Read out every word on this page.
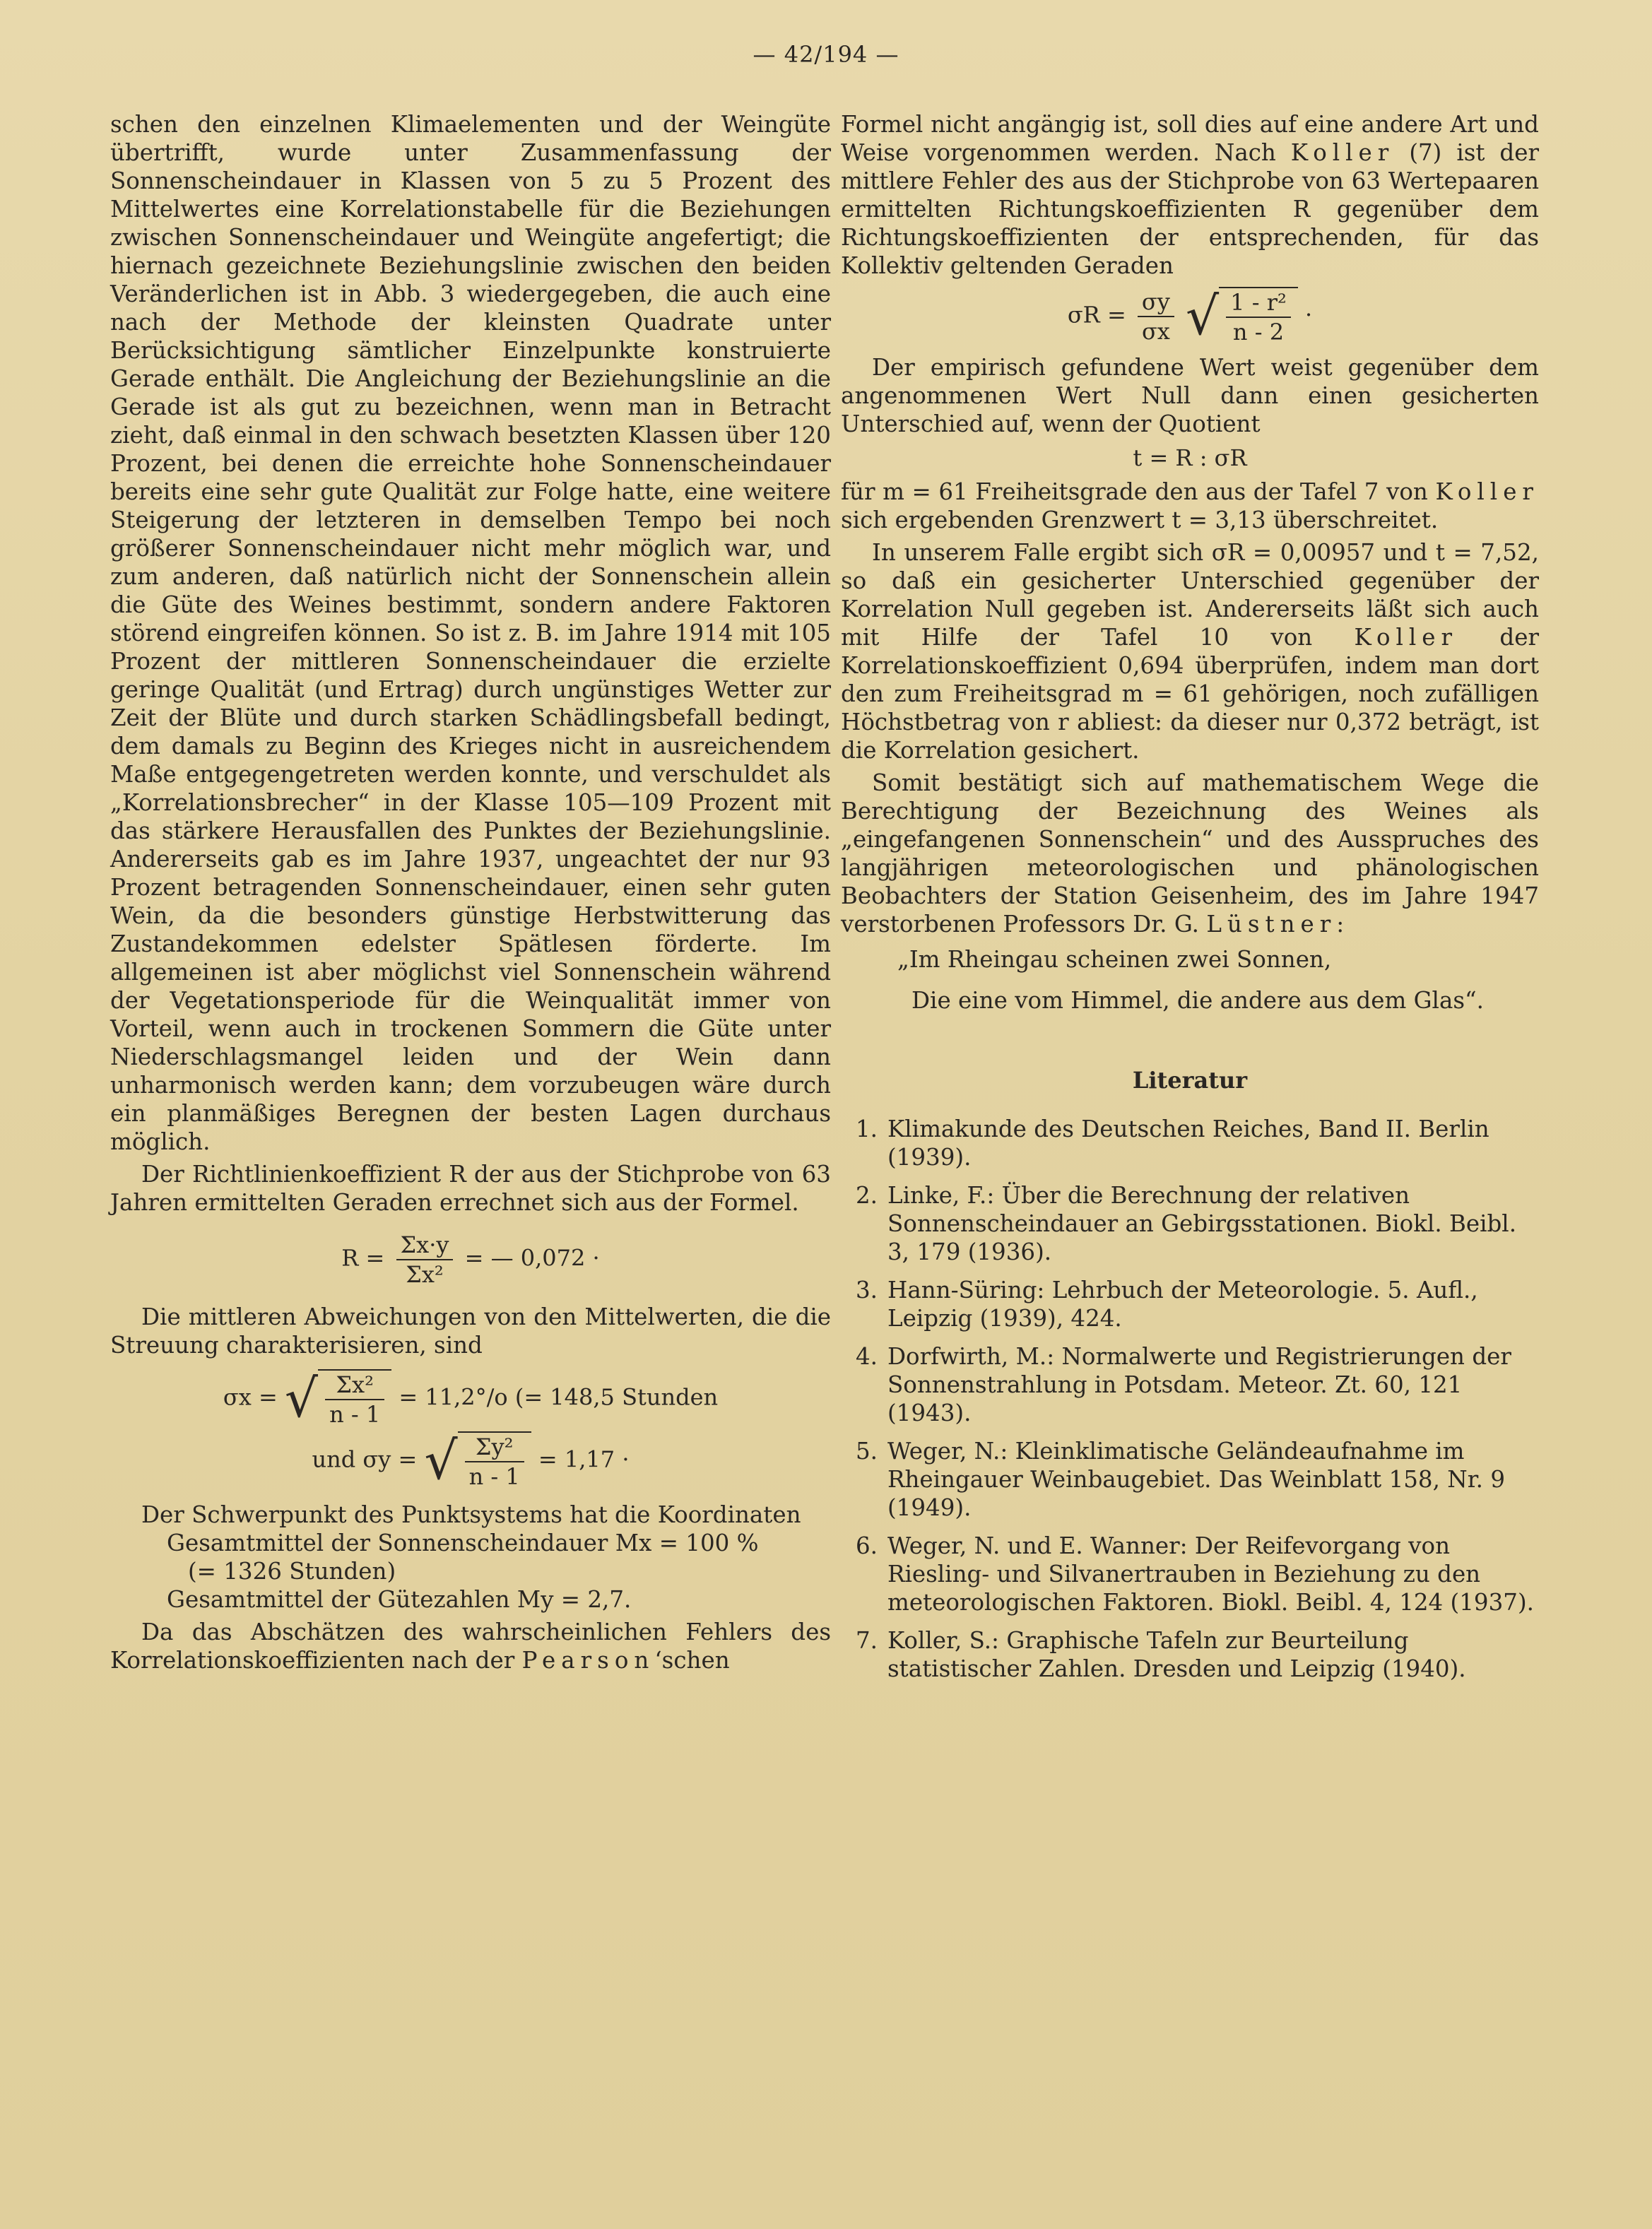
— 42/194 —

schen den einzelnen Klimaelementen und der Weingüte übertrifft, wurde unter Zusammenfassung der Sonnenscheindauer in Klassen von 5 zu 5 Prozent des Mittelwertes eine Korrelationstabelle für die Beziehungen zwischen Sonnenscheindauer und Weingüte angefertigt; die hiernach gezeichnete Beziehungslinie zwischen den beiden Veränderlichen ist in Abb. 3 wiedergegeben, die auch eine nach der Methode der kleinsten Quadrate unter Berücksichtigung sämtlicher Einzelpunkte konstruierte Gerade enthält. Die Angleichung der Beziehungslinie an die Gerade ist als gut zu bezeichnen, wenn man in Betracht zieht, daß einmal in den schwach besetzten Klassen über 120 Prozent, bei denen die erreichte hohe Sonnenscheindauer bereits eine sehr gute Qualität zur Folge hatte, eine weitere Steigerung der letzteren in demselben Tempo bei noch größerer Sonnenscheindauer nicht mehr möglich war, und zum anderen, daß natürlich nicht der Sonnenschein allein die Güte des Weines bestimmt, sondern andere Faktoren störend eingreifen können. So ist z. B. im Jahre 1914 mit 105 Prozent der mittleren Sonnenscheindauer die erzielte geringe Qualität (und Ertrag) durch ungünstiges Wetter zur Zeit der Blüte und durch starken Schädlingsbefall bedingt, dem damals zu Beginn des Krieges nicht in ausreichendem Maße entgegengetreten werden konnte, und verschuldet als „Korrelationsbrecher“ in der Klasse 105—109 Prozent mit das stärkere Herausfallen des Punktes der Beziehungslinie. Andererseits gab es im Jahre 1937, ungeachtet der nur 93 Prozent betragenden Sonnenscheindauer, einen sehr guten Wein, da die besonders günstige Herbstwitterung das Zustandekommen edelster Spätlesen förderte. Im allgemeinen ist aber möglichst viel Sonnenschein während der Vegetationsperiode für die Weinqualität immer von Vorteil, wenn auch in trockenen Sommern die Güte unter Niederschlagsmangel leiden und der Wein dann unharmonisch werden kann; dem vorzubeugen wäre durch ein planmäßiges Beregnen der besten Lagen durchaus möglich.

Der Richtlinienkoeffizient R der aus der Stichprobe von 63 Jahren ermittelten Geraden errechnet sich aus der Formel.

$R = \frac{\Sigma x\cdot y}{\text{Σx²}}$ = — 0,072 ·

Die mittleren Abweichungen von den Mittelwerten, die die Streuung charakterisieren, sind

σx = √ $\frac{\text{Σx²}}{n - 1} = 11,2^\circ/o$ (= 148,5 Stunden
und σy = √ $\frac{\text{Σy²}}{n - 1} = 1,17$ ·

Der Schwerpunkt des Punktsystems hat die Koordinaten

Gesamtmittel der Sonnenscheindauer Mx = 100 %

(= 1326 Stunden)

Gesamtmittel der Gütezahlen My = 2,7.

Da das Abschätzen des wahrscheinlichen Fehlers des Korrelationskoeffizienten nach der Pearson‘schen

Formel nicht angängig ist, soll dies auf eine andere Art und Weise vorgenommen werden. Nach Koller (7) ist der mittlere Fehler des aus der Stichprobe von 63 Wertepaaren ermittelten Richtungskoeffizienten R gegenüber dem Richtungskoeffizienten der entsprechenden, für das Kollektiv geltenden Geraden

$\sigma R = \frac{\sigma y}{\sigma x}$ √ $\frac{\text{1 - r²}}{n - 2}$ ·

Der empirisch gefundene Wert weist gegenüber dem angenommenen Wert Null dann einen gesicherten Unterschied auf, wenn der Quotient

t = R : σR

für m = 61 Freiheitsgrade den aus der Tafel 7 von Koller sich ergebenden Grenzwert t = 3,13 überschreitet.

In unserem Falle ergibt sich σR = 0,00957 und t = 7,52, so daß ein gesicherter Unterschied gegenüber der Korrelation Null gegeben ist. Andererseits läßt sich auch mit Hilfe der Tafel 10 von Koller der Korrelationskoeffizient 0,694 überprüfen, indem man dort den zum Freiheitsgrad m = 61 gehörigen, noch zufälligen Höchstbetrag von r abliest: da dieser nur 0,372 beträgt, ist die Korrelation gesichert.

Somit bestätigt sich auf mathematischem Wege die Berechtigung der Bezeichnung des Weines als „eingefangenen Sonnenschein“ und des Ausspruches des langjährigen meteorologischen und phänologischen Beobachters der Station Geisenheim, des im Jahre 1947 verstorbenen Professors Dr. G. Lüstner:

„Im Rheingau scheinen zwei Sonnen,

Die eine vom Himmel, die andere aus dem Glas“.

Literatur
1. Klimakunde des Deutschen Reiches, Band II. Berlin (1939).
2. Linke, F.: Über die Berechnung der relativen Sonnenscheindauer an Gebirgsstationen. Biokl. Beibl. 3, 179 (1936).
3. Hann-Süring: Lehrbuch der Meteorologie. 5. Aufl., Leipzig (1939), 424.
4. Dorfwirth, M.: Normalwerte und Registrierungen der Sonnenstrahlung in Potsdam. Meteor. Zt. 60, 121 (1943).
5. Weger, N.: Kleinklimatische Geländeaufnahme im Rheingauer Weinbaugebiet. Das Weinblatt 158, Nr. 9 (1949).
6. Weger, N. und E. Wanner: Der Reifevorgang von Riesling- und Silvanertrauben in Beziehung zu den meteorologischen Faktoren. Biokl. Beibl. 4, 124 (1937).
7. Koller, S.: Graphische Tafeln zur Beurteilung statistischer Zahlen. Dresden und Leipzig (1940).
